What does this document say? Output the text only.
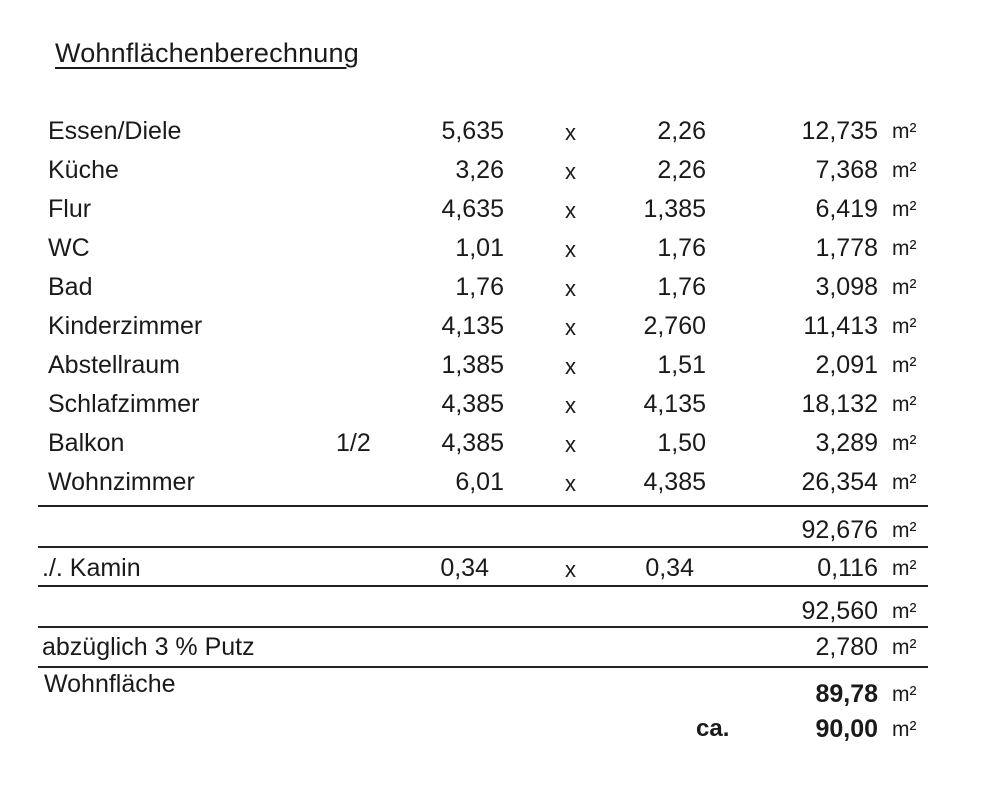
Wohnflächenberechnung
Essen/Diele	5,635	x	2,26	12,735 m²
Küche	3,26	x	2,26	7,368 m²
Flur	4,635	x	1,385	6,419 m²
WC	1,01	x	1,76	1,778 m²
Bad	1,76	x	1,76	3,098 m²
Kinderzimmer	4,135	x	2,760	11,413 m²
Abstellraum	1,385	x	1,51	2,091 m²
Schlafzimmer	4,385	x	4,135	18,132 m²
Balkon	1/2	4,385	x	1,50	3,289 m²
Wohnzimmer	6,01	x	4,385	26,354 m²
92,676 m²
./. Kamin	0,34	x	0,34	0,116 m²
92,560 m²
abzüglich 3 % Putz	2,780 m²
Wohnfläche	89,78 m²
ca.	90,00 m²
